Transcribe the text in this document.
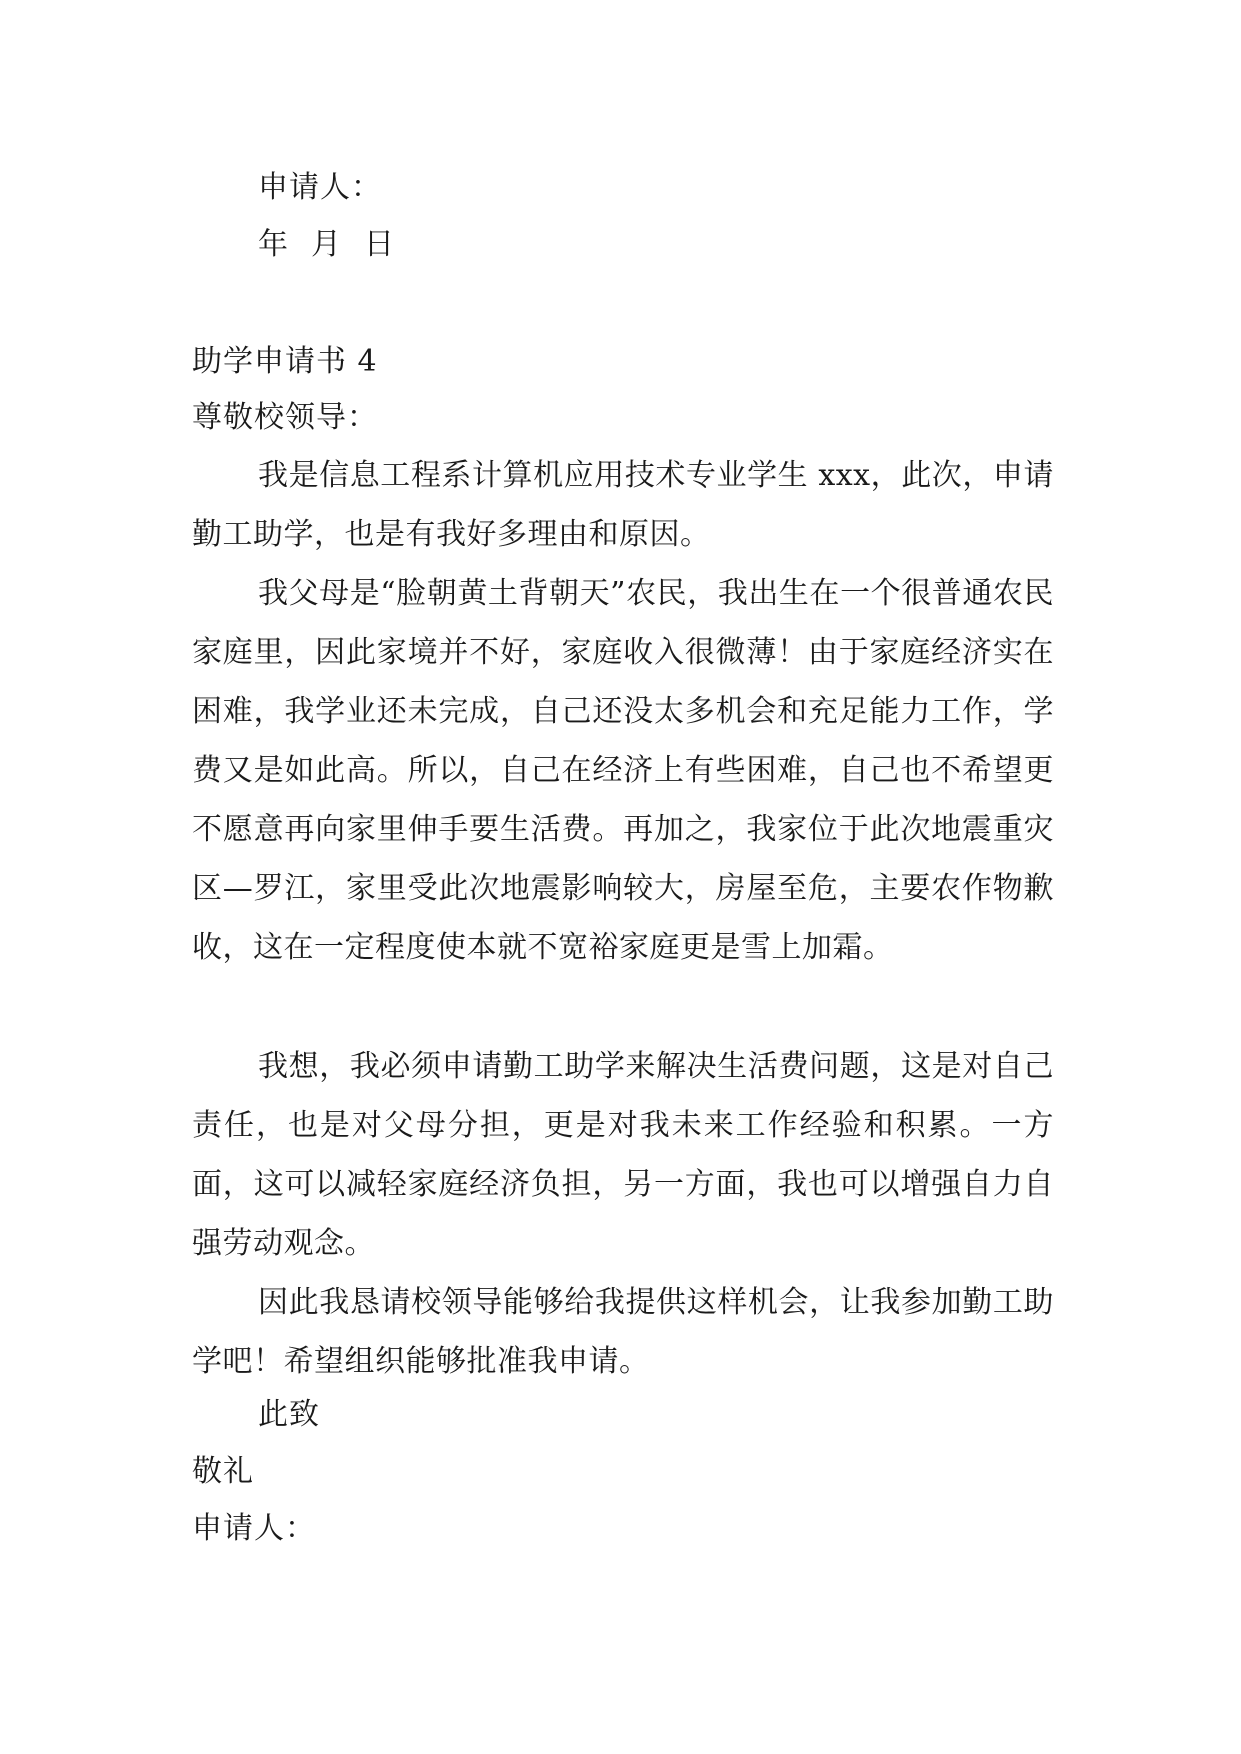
申请人：
年 月 日
助学申请书 4
尊敬校领导：
我是信息工程系计算机应用技术专业学生 xxx，此次，申请勤工助学，也是有我好多理由和原因。
我父母是“脸朝黄土背朝天”农民，我出生在一个很普通农民家庭里，因此家境并不好，家庭收入很微薄！由于家庭经济实在困难，我学业还未完成，自己还没太多机会和充足能力工作，学费又是如此高。所以，自己在经济上有些困难，自己也不希望更不愿意再向家里伸手要生活费。再加之，我家位于此次地震重灾区—罗江，家里受此次地震影响较大，房屋至危，主要农作物歉收，这在一定程度使本就不宽裕家庭更是雪上加霜。
我想，我必须申请勤工助学来解决生活费问题，这是对自己责任，也是对父母分担，更是对我未来工作经验和积累。一方面，这可以减轻家庭经济负担，另一方面，我也可以增强自力自强劳动观念。
因此我恳请校领导能够给我提供这样机会，让我参加勤工助学吧！希望组织能够批准我申请。
此致
敬礼
申请人：
